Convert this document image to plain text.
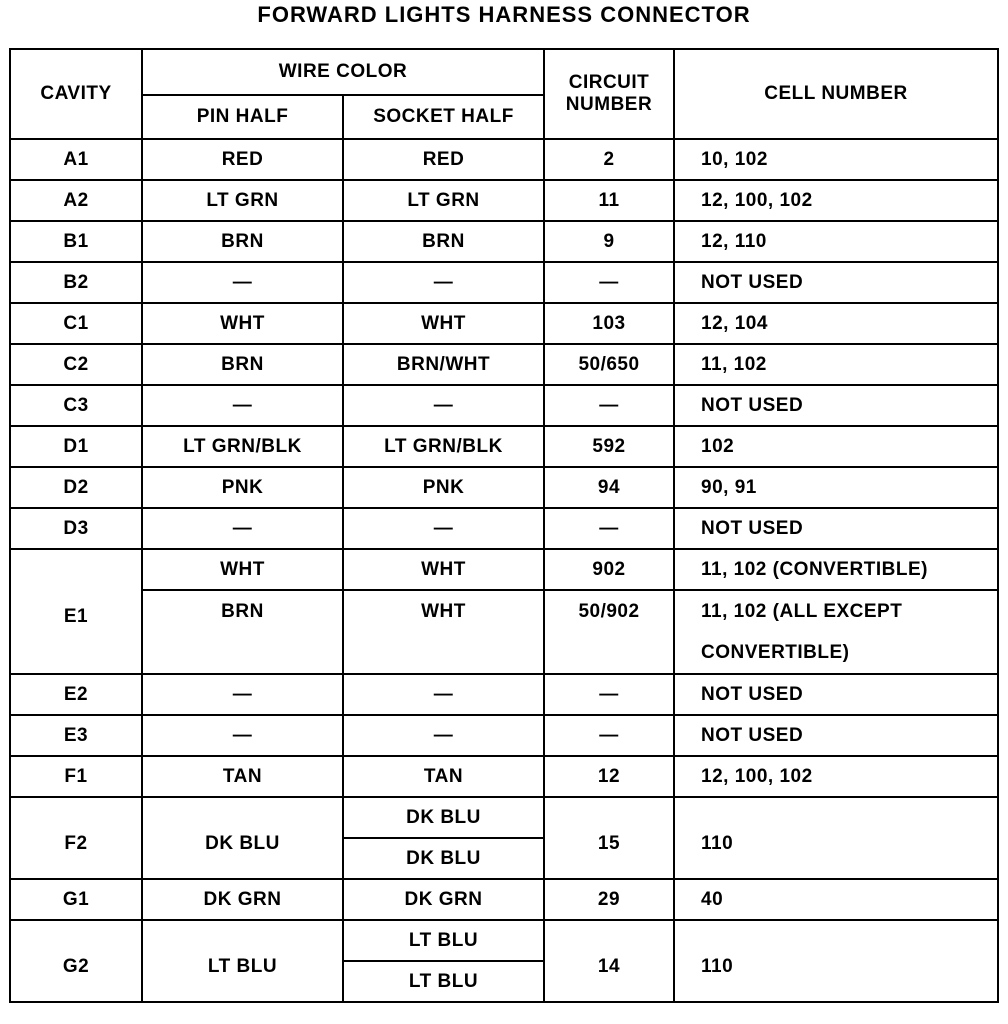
FORWARD LIGHTS HARNESS CONNECTOR
CAVITY	WIRE COLOR		CIRCUIT NUMBER	CELL NUMBER
	PIN HALF	SOCKET HALF		
A1	RED	RED	2	10, 102
A2	LT GRN	LT GRN	11	12, 100, 102
B1	BRN	BRN	9	12, 110
B2	—	—	—	NOT USED
C1	WHT	WHT	103	12, 104
C2	BRN	BRN/WHT	50/650	11, 102
C3	—	—	—	NOT USED
D1	LT GRN/BLK	LT GRN/BLK	592	102
D2	PNK	PNK	94	90, 91
D3	—	—	—	NOT USED
E1	WHT	WHT	902	11, 102 (CONVERTIBLE)
	BRN	WHT	50/902	11, 102 (ALL EXCEPT
CONVERTIBLE)

E2	—	—	—	NOT USED
E3	—	—	—	NOT USED
F1	TAN	TAN	12	12, 100, 102
F2	DK BLU	DK BLU	15	110
		DK BLU		
G1	DK GRN	DK GRN	29	40
G2	LT BLU	LT BLU	14	110
		LT BLU		
